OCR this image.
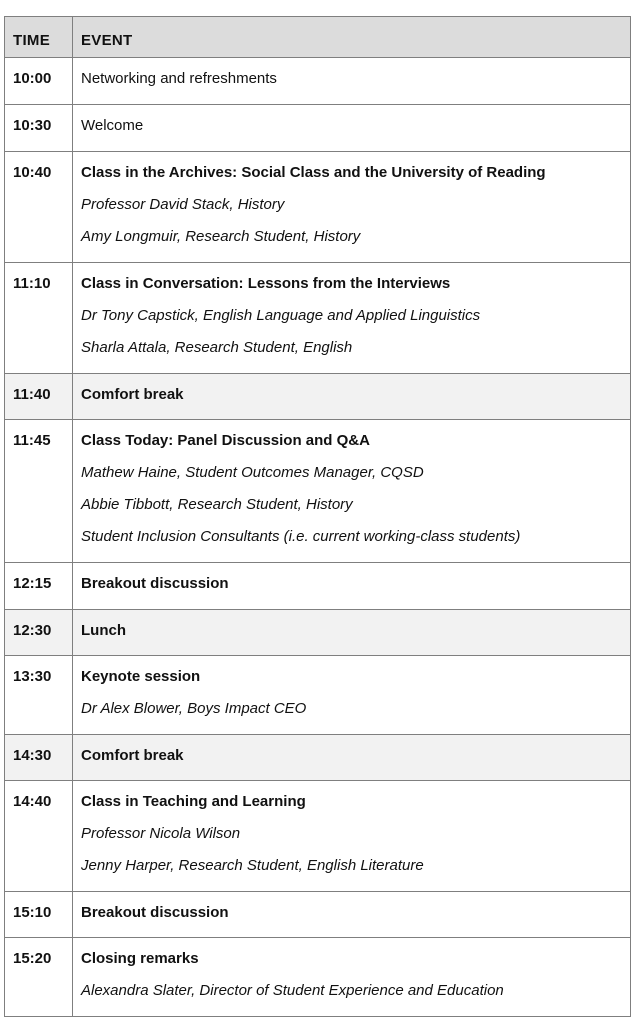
TIME	EVENT
10:00	Networking and refreshments

10:30	Welcome

10:40	Class in the Archives: Social Class and the University of Reading
Professor David Stack, History
Amy Longmuir, Research Student, History

11:10	Class in Conversation: Lessons from the Interviews
Dr Tony Capstick, English Language and Applied Linguistics
Sharla Attala, Research Student, English

11:40	Comfort break

11:45	Class Today: Panel Discussion and Q&A
Mathew Haine, Student Outcomes Manager, CQSD
Abbie Tibbott, Research Student, History
Student Inclusion Consultants (i.e. current working-class students)

12:15	Breakout discussion

12:30	Lunch

13:30	Keynote session
Dr Alex Blower, Boys Impact CEO

14:30	Comfort break

14:40	Class in Teaching and Learning
Professor Nicola Wilson
Jenny Harper, Research Student, English Literature

15:10	Breakout discussion

15:20	Closing remarks
Alexandra Slater, Director of Student Experience and Education
